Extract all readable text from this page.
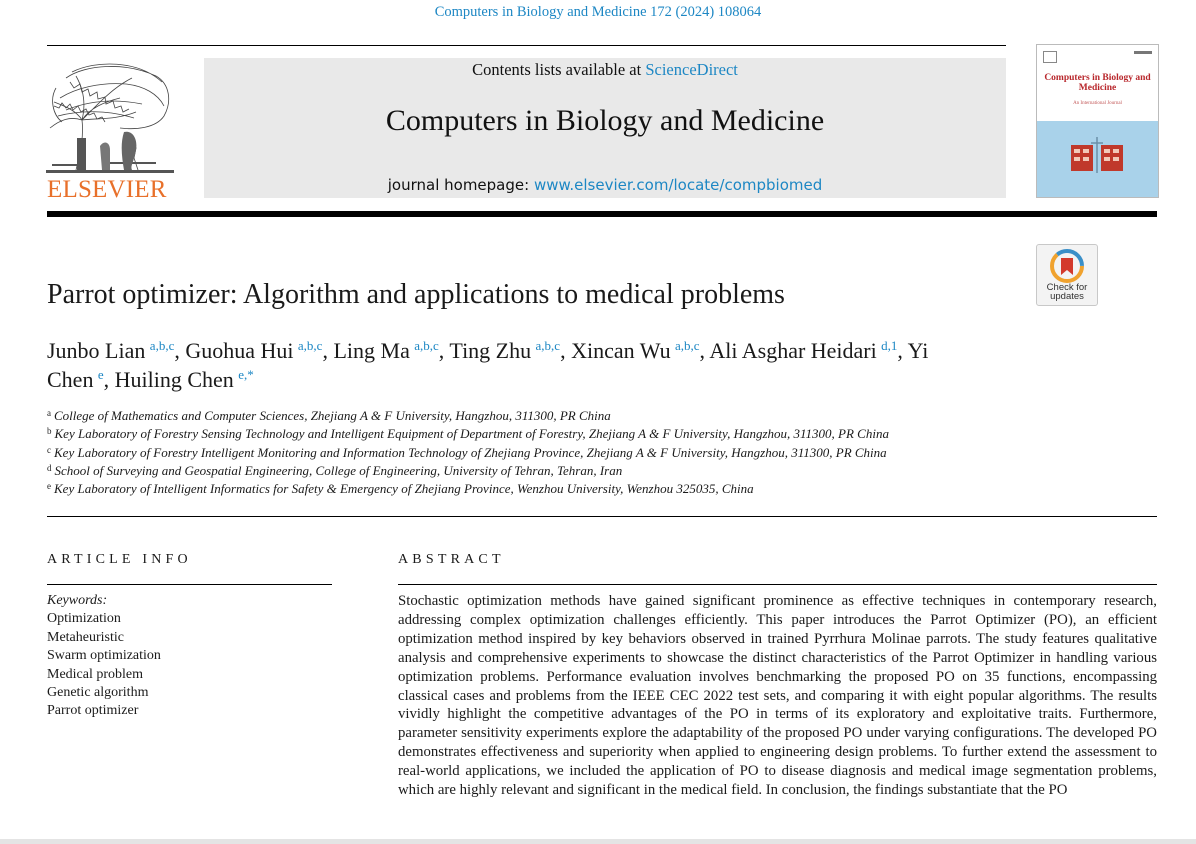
Computers in Biology and Medicine 172 (2024) 108064
ELSEVIER
Contents lists available at ScienceDirect
Computers in Biology and Medicine
journal homepage: www.elsevier.com/locate/compbiomed
Computers in Biology and Medicine
An International Journal
Check for
updates
Parrot optimizer: Algorithm and applications to medical problems
Junbo Lian  $^{a,b,c}$, Guohua Hui  $^{a,b,c}$, Ling Ma  $^{a,b,c}$, Ting Zhu  $^{a,b,c}$, Xincan Wu  $^{a,b,c}$, Ali Asghar Heidari  $^{d,1}$, Yi Chen  $^e$, Huiling Chen  $^{e,*}$
$^a$ College of Mathematics and Computer Sciences, Zhejiang A & F University, Hangzhou, 311300, PR China
$^b$ Key Laboratory of Forestry Sensing Technology and Intelligent Equipment of Department of Forestry, Zhejiang A & F University, Hangzhou, 311300, PR China
$^c$ Key Laboratory of Forestry Intelligent Monitoring and Information Technology of Zhejiang Province, Zhejiang A & F University, Hangzhou, 311300, PR China
$^d$ School of Surveying and Geospatial Engineering, College of Engineering, University of Tehran, Tehran, Iran
$^e$ Key Laboratory of Intelligent Informatics for Safety & Emergency of Zhejiang Province, Wenzhou University, Wenzhou 325035, China
ARTICLE INFO	ABSTRACT
Keywords:
Optimization
Metaheuristic
Swarm optimization
Medical problem
Genetic algorithm
Parrot optimizer
Stochastic optimization methods have gained significant prominence as effective techniques in contemporary research, addressing complex optimization challenges efficiently. This paper introduces the Parrot Optimizer (PO), an efficient optimization method inspired by key behaviors observed in trained Pyrrhura Molinae parrots. The study features qualitative analysis and comprehensive experiments to showcase the distinct characteristics of the Parrot Optimizer in handling various optimization problems. Performance evaluation involves benchmarking the proposed PO on 35 functions, encompassing classical cases and problems from the IEEE CEC 2022 test sets, and comparing it with eight popular algorithms. The results vividly highlight the competitive advantages of the PO in terms of its exploratory and exploitative traits. Furthermore, parameter sensitivity experiments explore the adaptability of the proposed PO under varying configurations. The developed PO demonstrates effectiveness and superiority when applied to engineering design problems. To further extend the assessment to real-world applications, we included the application of PO to disease diagnosis and medical image segmentation problems, which are highly relevant and significant in the medical field. In conclusion, the findings substantiate that the PO
